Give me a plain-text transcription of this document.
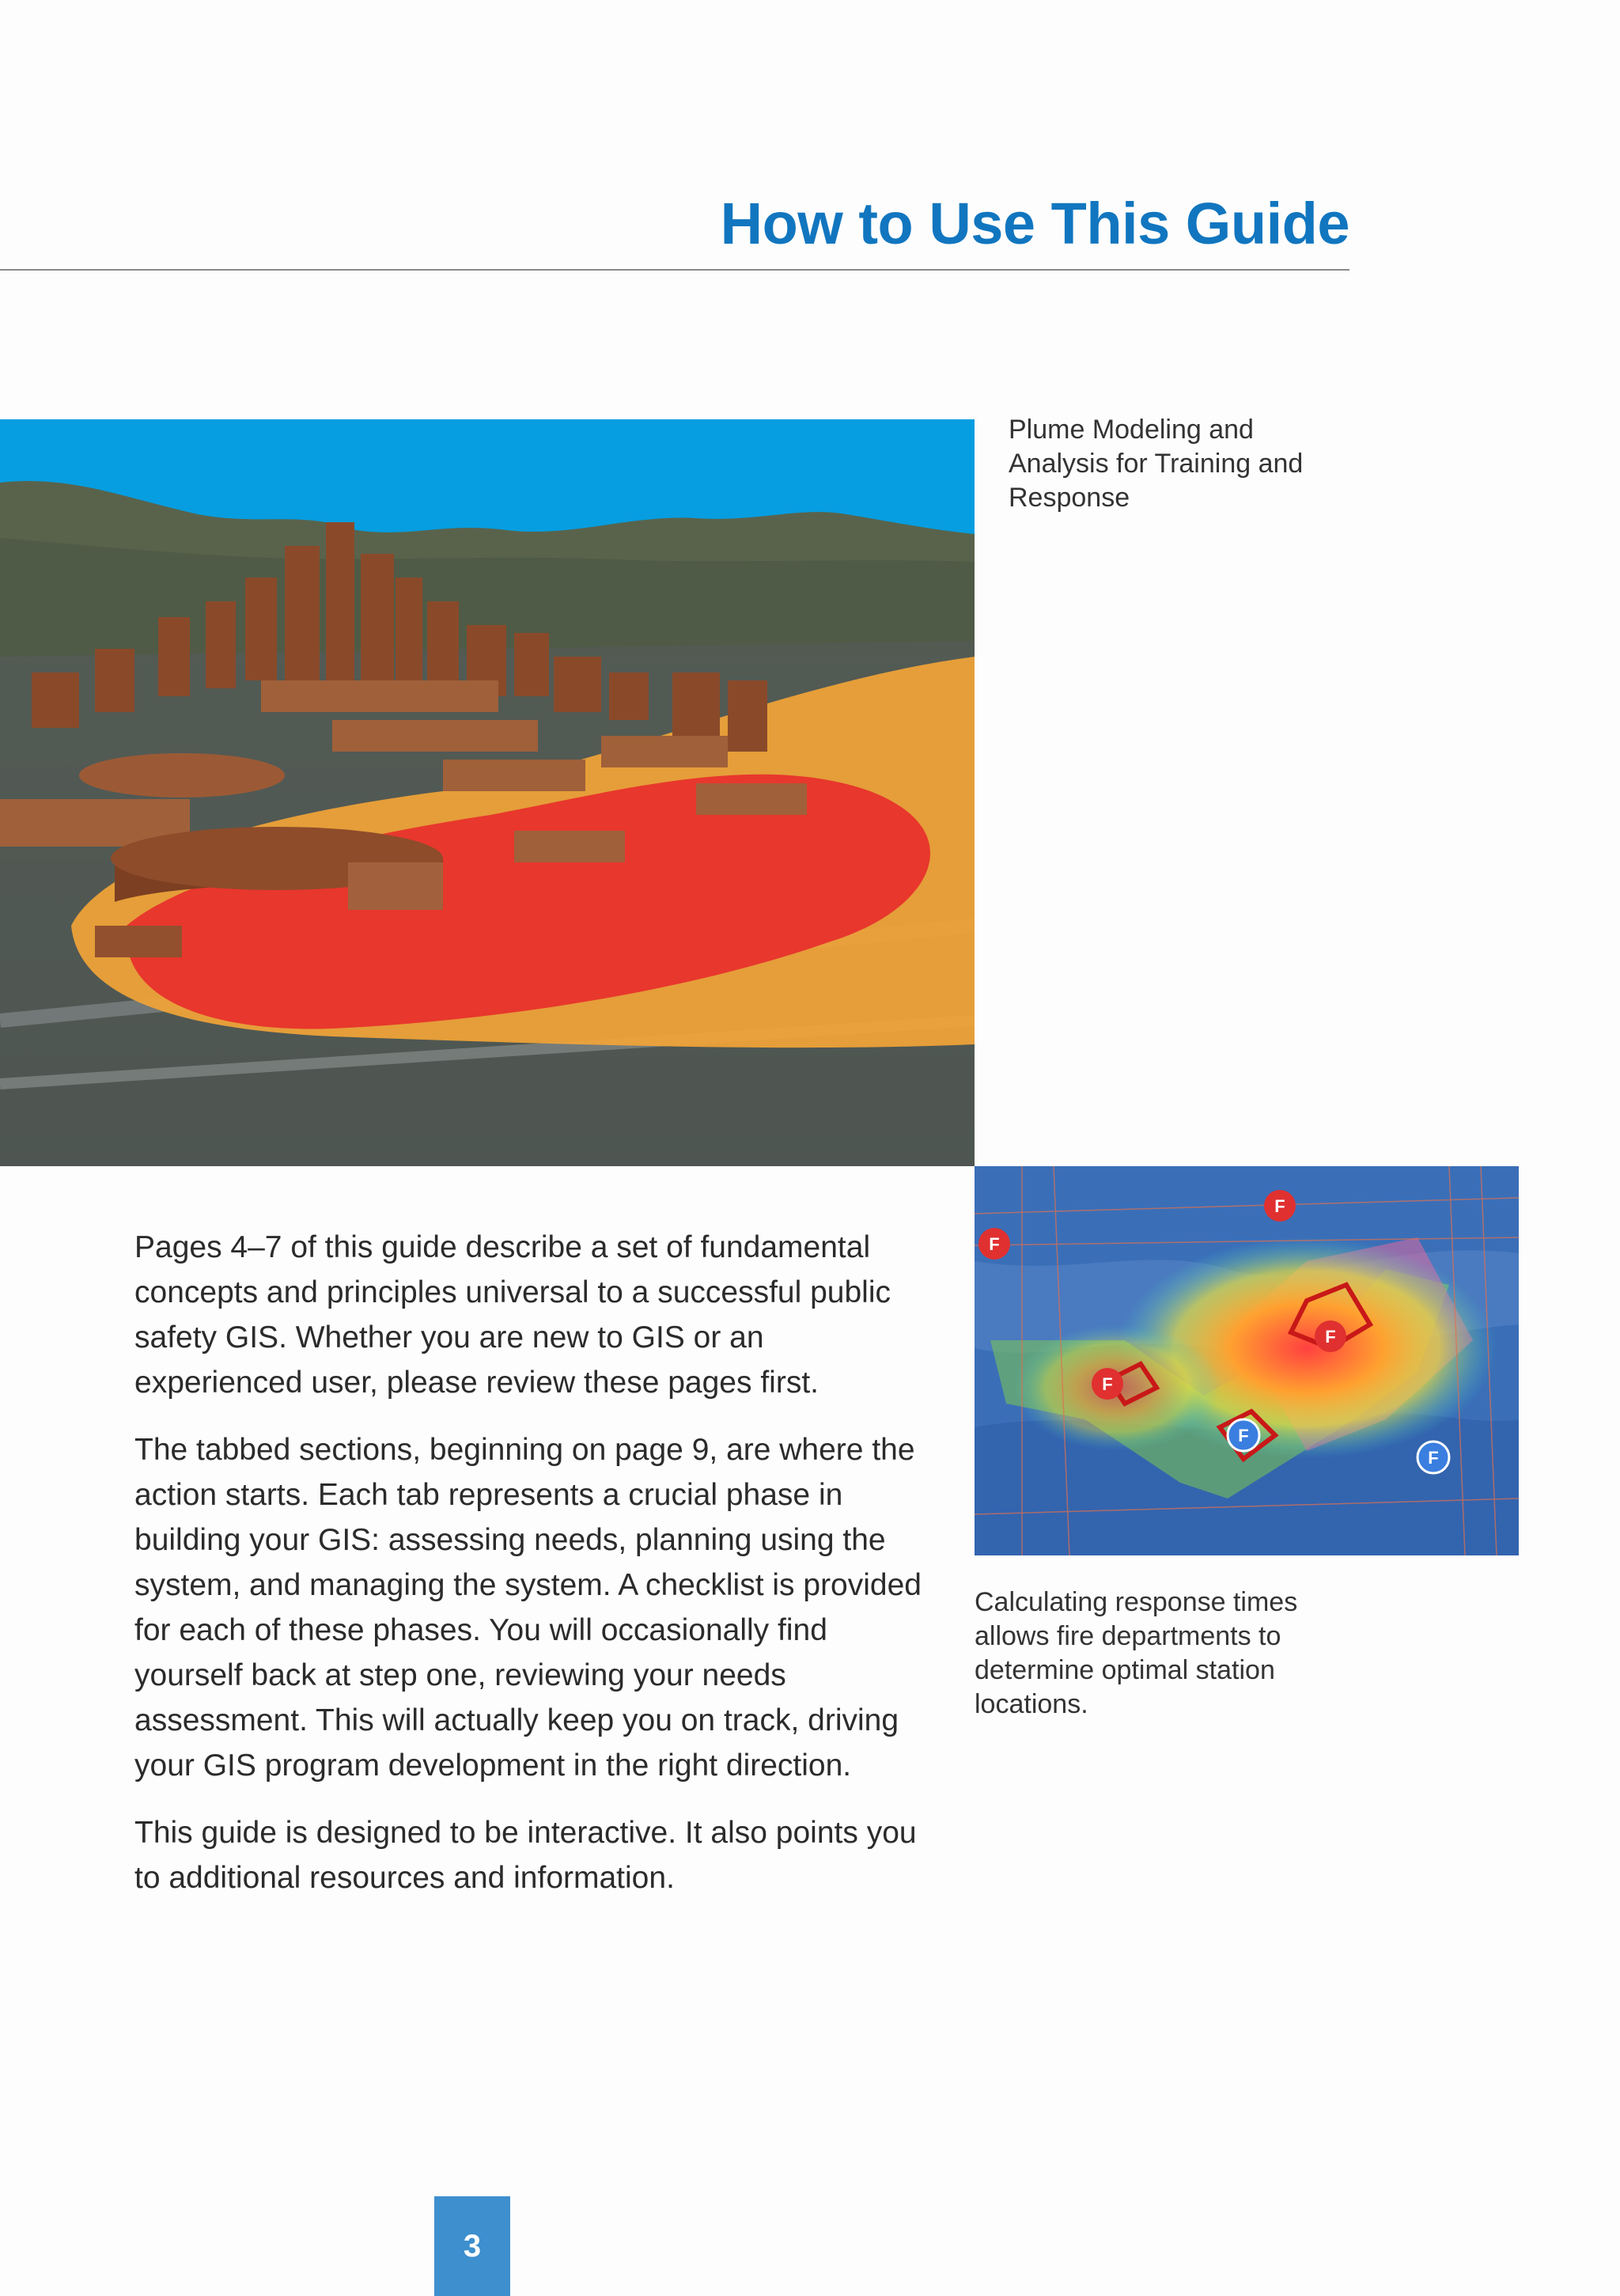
How to Use This Guide

Plume Modeling and Analysis for Training and Response

F
F
F
F
F
F

Calculating response times allows fire departments to determine optimal station locations.

Pages 4–7 of this guide describe a set of fundamental concepts and principles universal to a successful public safety GIS. Whether you are new to GIS or an experienced user, please review these pages first.

The tabbed sections, beginning on page 9, are where the action starts. Each tab represents a crucial phase in building your GIS: assessing needs, planning using the system, and managing the system. A checklist is provided for each of these phases. You will occasionally find yourself back at step one, reviewing your needs assessment. This will actually keep you on track, driving your GIS program development in the right direction.

This guide is designed to be interactive. It also points you to additional resources and information.

3
